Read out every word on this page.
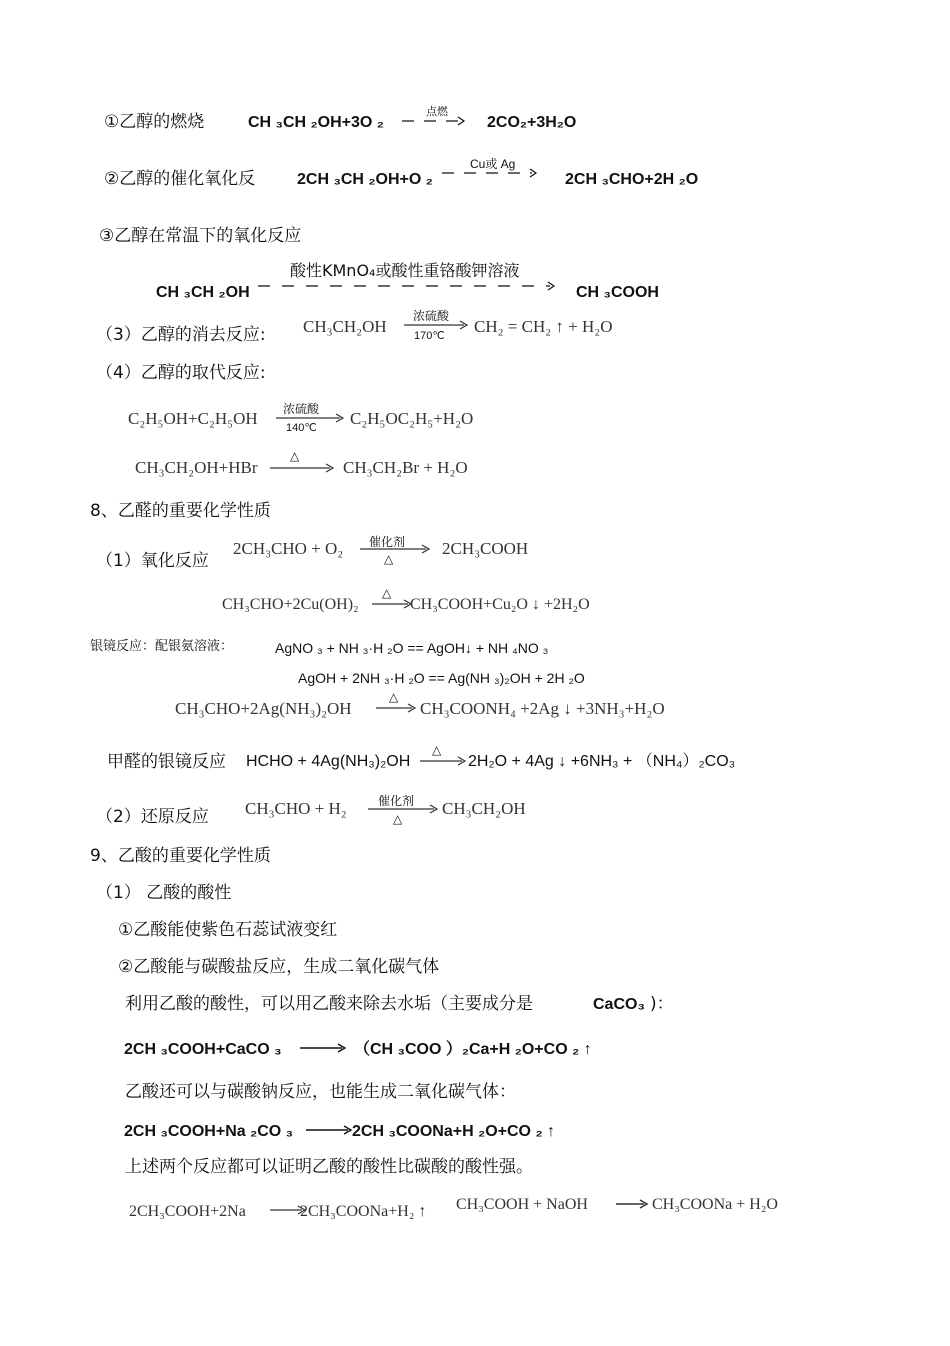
①乙醇的燃烧	CH ₃CH ₂OH+3O ₂
点燃
→ 2CO₂+3H₂O
②乙醇的催化氧化反	2CH ₃CH ₂OH+O ₂
Cu或 Ag
2CH ₃CHO+2H ₂O
③乙醇在常温下的氧化反应
酸性KMnO₄或酸性重铬酸钾溶液
CH ₃CH ₂OH	CH ₃COOH
（3）乙醇的消去反应: CH₃CH₂OH
浓硫酸
170℃ CH₂ = CH₂ ↑ + H₂O
（4）乙醇的取代反应:
C₂H₅OH+C₂H₅OH 浓硫酸
140℃ C₂H₅OC₂H₅+H₂O
CH₃CH₂OH+HBr
△
→ CH₃CH₂Br + H₂O
8、乙醛的重要化学性质
（1）氧化反应
2CH₃CHO + O₂ 催化剂
△
2CH₃COOH
CH₃CHO+2Cu(OH)₂
△
CH₃COOH+Cu₂O ↓ +2H₂O
银镜反应：配银氨溶液：	AgNO ₃ + NH ₃·H ₂O == AgOH↓ + NH ₄NO ₃
AgOH + 2NH ₃·H ₂O == Ag(NH ₃)₂OH + 2H ₂O
CH₃CHO+2Ag(NH₃)₂OH
△
→ CH₃COONH₄ +2Ag ↓ +3NH₃+H₂O
甲醛的银镜反应 HCHO + 4Ag(NH₃)₂OH
△
→ 2H₂O + 4Ag ↓ +6NH₃ + （NH₄）₂CO₃
（2）还原反应 CH₃CHO + H₂	催化剂
△
CH₃CH₂OH
9、乙酸的重要化学性质
（1） 乙酸的酸性
①乙酸能使紫色石蕊试液变红
②乙酸能与碳酸盐反应，生成二氧化碳气体
利用乙酸的酸性，可以用乙酸来除去水垢（主要成分是	CaCO₃ )：
2CH ₃COOH+CaCO ₃ → （CH ₃COO ）₂Ca+H ₂O+CO ₂ ↑
乙酸还可以与碳酸钠反应，也能生成二氧化碳气体：
2CH ₃COOH+Na ₂CO ₃ → 2CH ₃COONa+H ₂O+CO ₂ ↑
上述两个反应都可以证明乙酸的酸性比碳酸的酸性强。
2CH₃COOH+2Na	2CH₃COONa+H₂ ↑ CH₃COOH + NaOH → CH₃COONa + H₂O
